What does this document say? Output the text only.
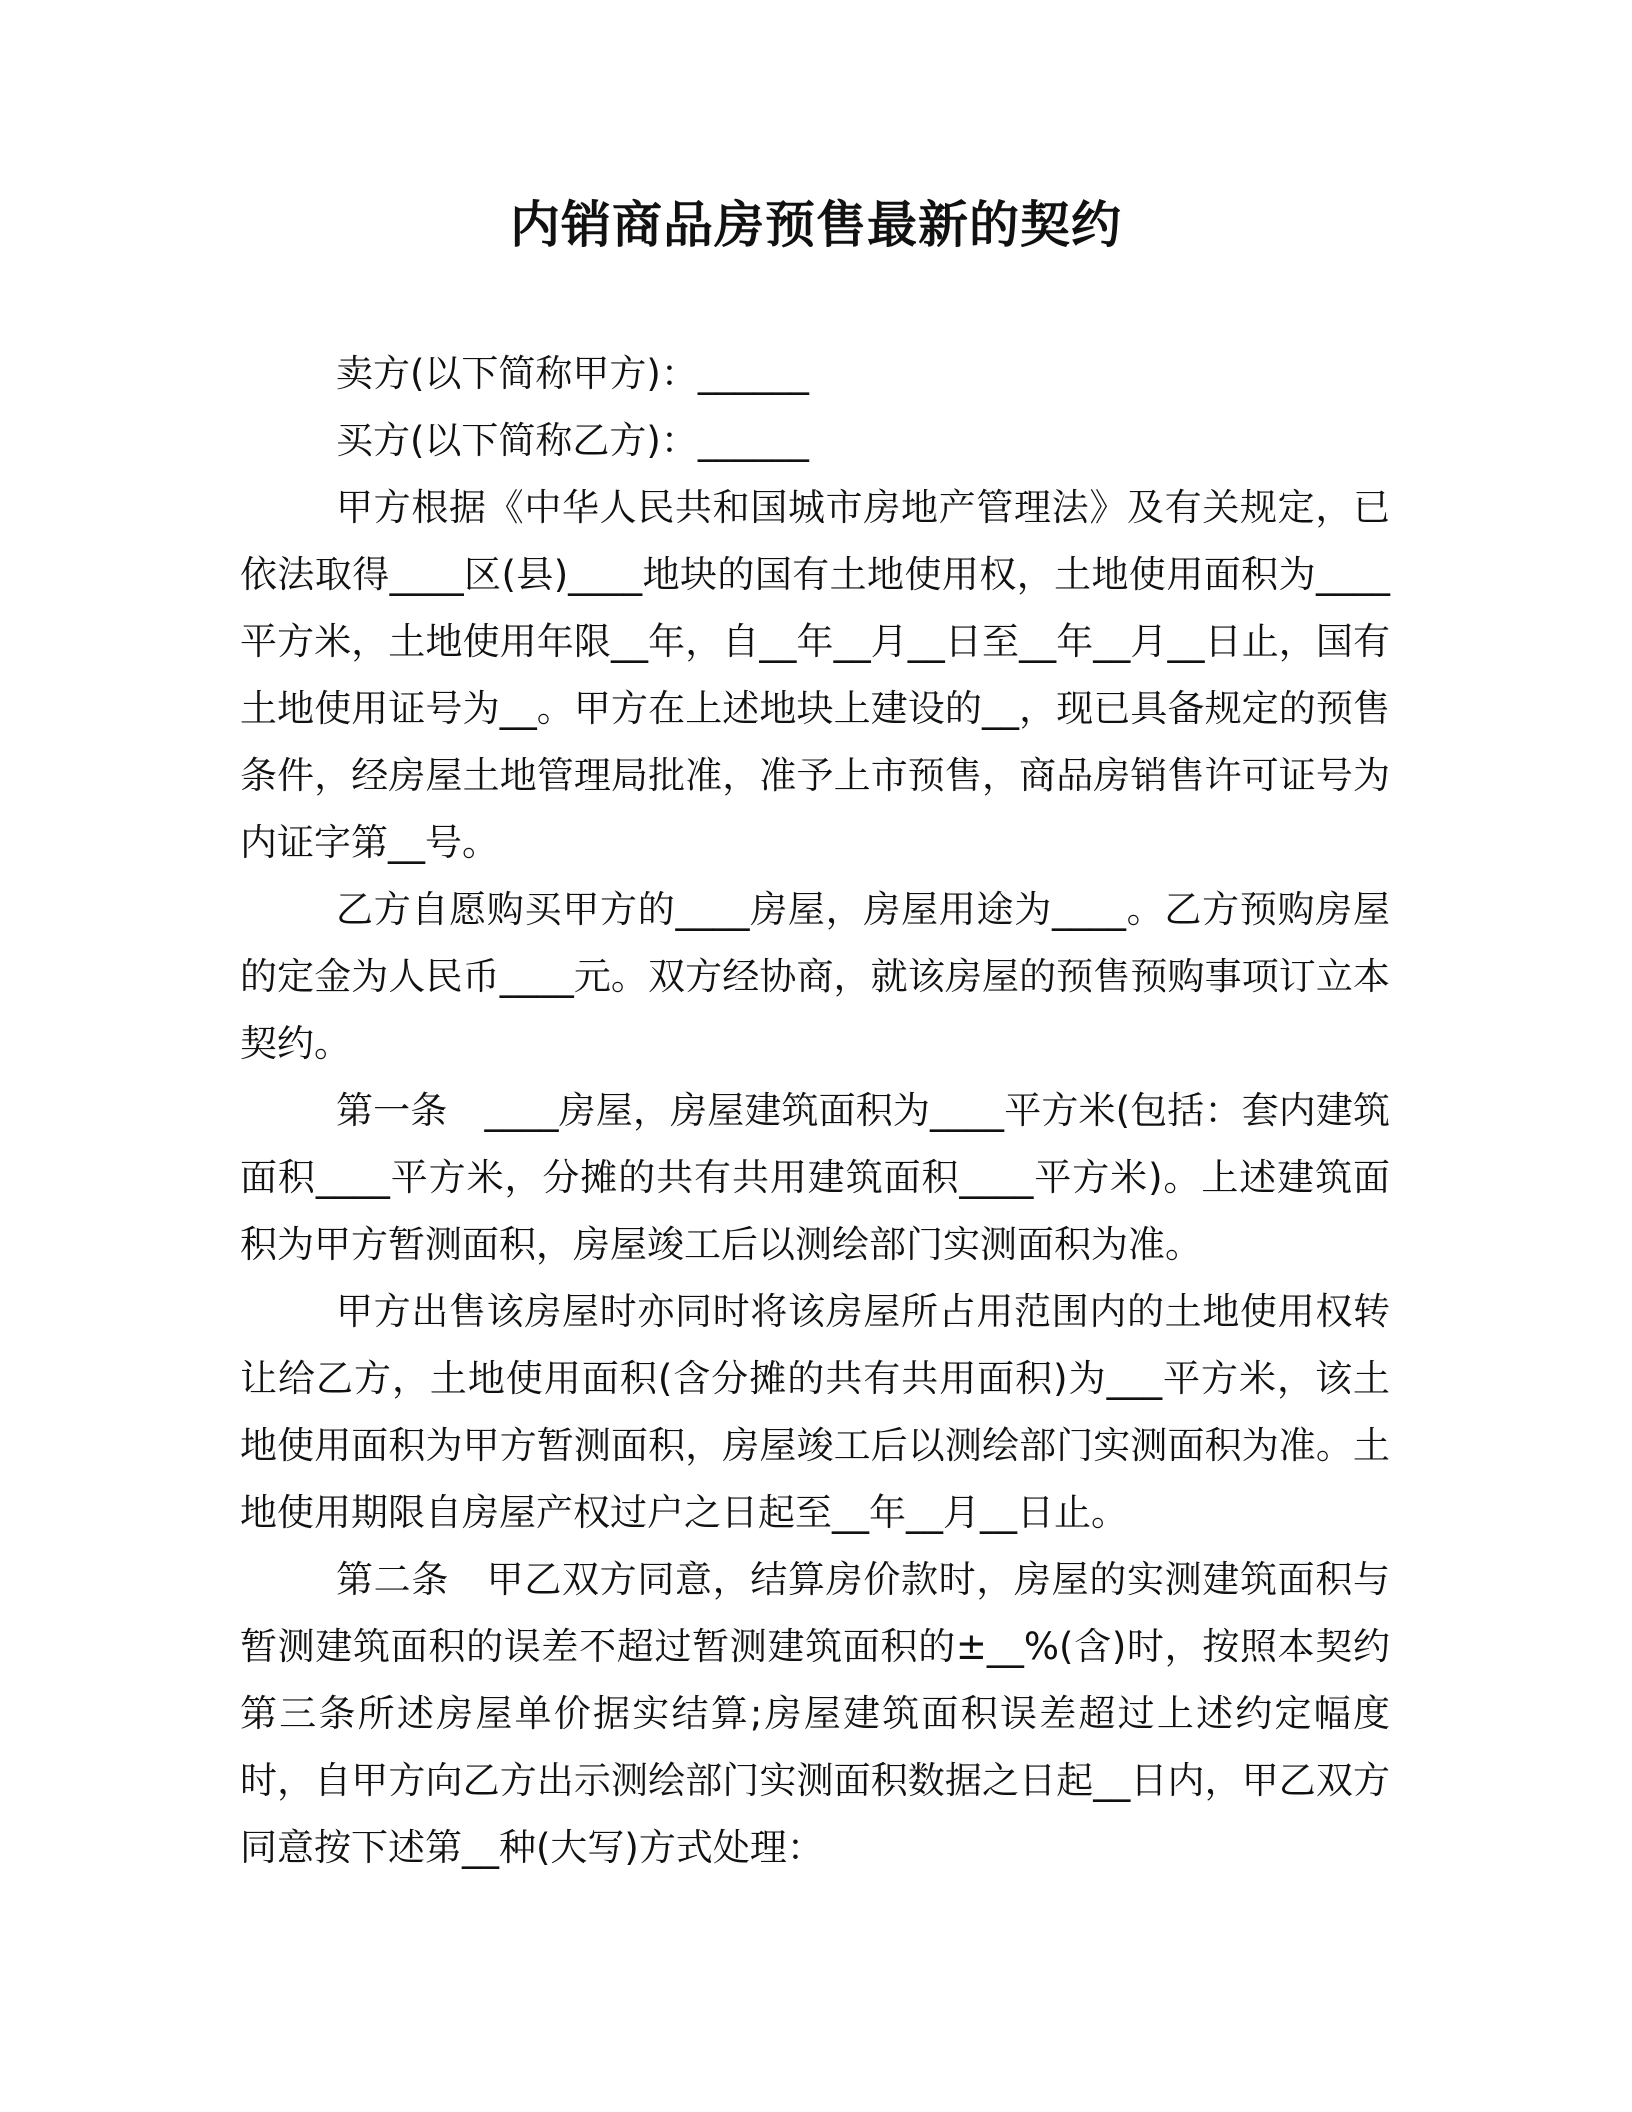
内销商品房预售最新的契约

卖方(以下简称甲方)：______

买方(以下简称乙方)：______

甲方根据《中华人民共和国城市房地产管理法》及有关规定，已依法取得____区(县)____地块的国有土地使用权，土地使用面积为____平方米，土地使用年限__年，自__年__月__日至__年__月__日止，国有土地使用证号为__。甲方在上述地块上建设的__，现已具备规定的预售条件，经房屋土地管理局批准，准予上市预售，商品房销售许可证号为内证字第__号。

乙方自愿购买甲方的____房屋，房屋用途为____。乙方预购房屋的定金为人民币____元。双方经协商，就该房屋的预售预购事项订立本契约。

第一条　____房屋，房屋建筑面积为____平方米(包括：套内建筑面积____平方米，分摊的共有共用建筑面积____平方米)。上述建筑面积为甲方暂测面积，房屋竣工后以测绘部门实测面积为准。

甲方出售该房屋时亦同时将该房屋所占用范围内的土地使用权转让给乙方，土地使用面积(含分摊的共有共用面积)为___平方米，该土地使用面积为甲方暂测面积，房屋竣工后以测绘部门实测面积为准。土地使用期限自房屋产权过户之日起至__年__月__日止。

第二条　甲乙双方同意，结算房价款时，房屋的实测建筑面积与暂测建筑面积的误差不超过暂测建筑面积的±__%(含)时，按照本契约第三条所述房屋单价据实结算;房屋建筑面积误差超过上述约定幅度时，自甲方向乙方出示测绘部门实测面积数据之日起__日内，甲乙双方同意按下述第__种(大写)方式处理：
